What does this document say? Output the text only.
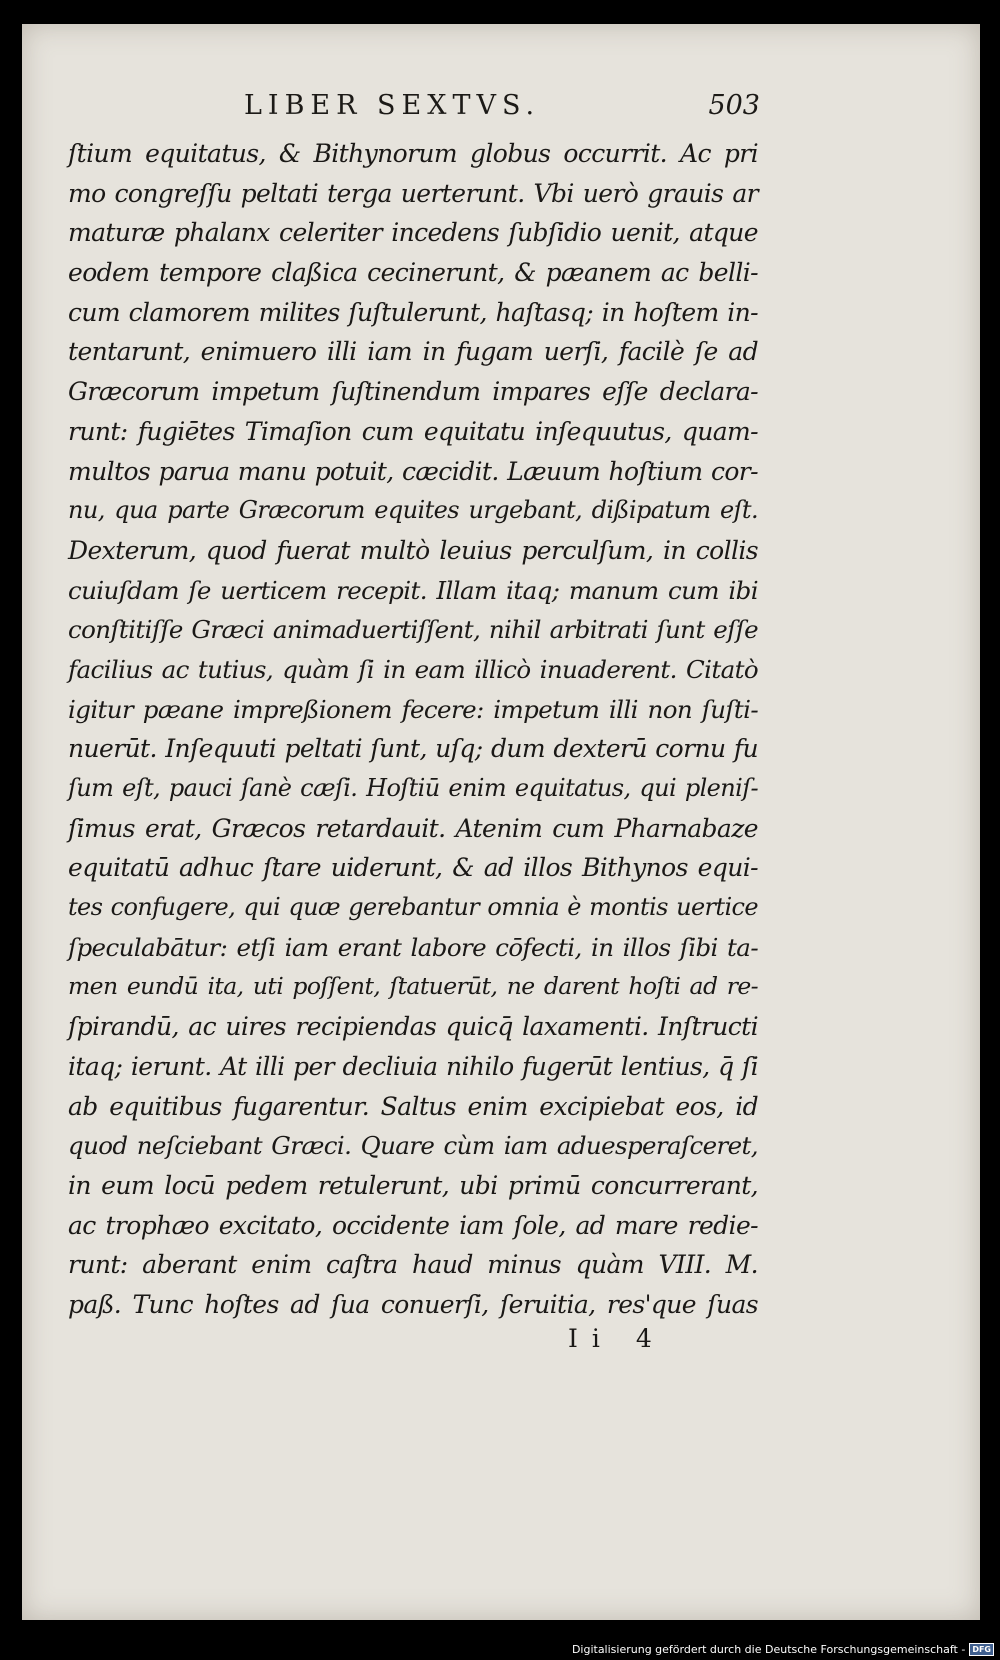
LIBER SEXTVS.	503
ſtium equitatus, & Bithynorum globus occurrit. Ac pri
mo congreſſu peltati terga uerterunt. Vbi uerò grauis ar
maturæ phalanx celeriter incedens ſubſidio uenit, atque
eodem tempore claßica cecinerunt, & pæanem ac belli-
cum clamorem milites ſuſtulerunt, haſtasq; in hoſtem in-
tentarunt, enimuero illi iam in fugam uerſi, facilè ſe ad
Græcorum impetum ſuſtinendum impares eſſe declara-
runt: fugiētes Timaſion cum equitatu inſequutus, quam-
multos parua manu potuit, cæcidit. Læuum hoſtium cor-
nu, qua parte Græcorum equites urgebant, dißipatum eſt.
Dexterum, quod fuerat multò leuius perculſum, in collis
cuiuſdam ſe uerticem recepit. Illam itaq; manum cum ibi
conſtitiſſe Græci animaduertiſſent, nihil arbitrati ſunt eſſe
facilius ac tutius, quàm ſi in eam illicò inuaderent. Citatò
igitur pæane impreßionem fecere: impetum illi non ſuſti-
nuerūt. Inſequuti peltati ſunt, uſq; dum dexterū cornu fu
ſum eſt, pauci ſanè cæſi. Hoſtiū enim equitatus, qui pleniſ-
ſimus erat, Græcos retardauit. Atenim cum Pharnabaze
equitatū adhuc ſtare uiderunt, & ad illos Bithynos equi-
tes confugere, qui quæ gerebantur omnia è montis uertice
ſpeculabātur: etſi iam erant labore cōfecti, in illos ſibi ta-
men eundū ita, uti poſſent, ſtatuerūt, ne darent hoſti ad re-
ſpirandū, ac uires recipiendas quicq̄ laxamenti. Inſtructi
itaq; ierunt. At illi per decliuia nihilo fugerūt lentius, q̄ ſi
ab equitibus fugarentur. Saltus enim excipiebat eos, id
quod neſciebant Græci. Quare cùm iam aduesperaſceret,
in eum locū pedem retulerunt, ubi primū concurrerant,
ac trophæo excitato, occidente iam ſole, ad mare redie-
runt: aberant enim caſtra haud minus quàm VIII. M.
paß. Tunc hoſtes ad ſua conuerſi, ſeruitia, res'que ſuas
Ii 4
Digitalisierung gefördert durch die Deutsche Forschungsgemeinschaft - DFG
